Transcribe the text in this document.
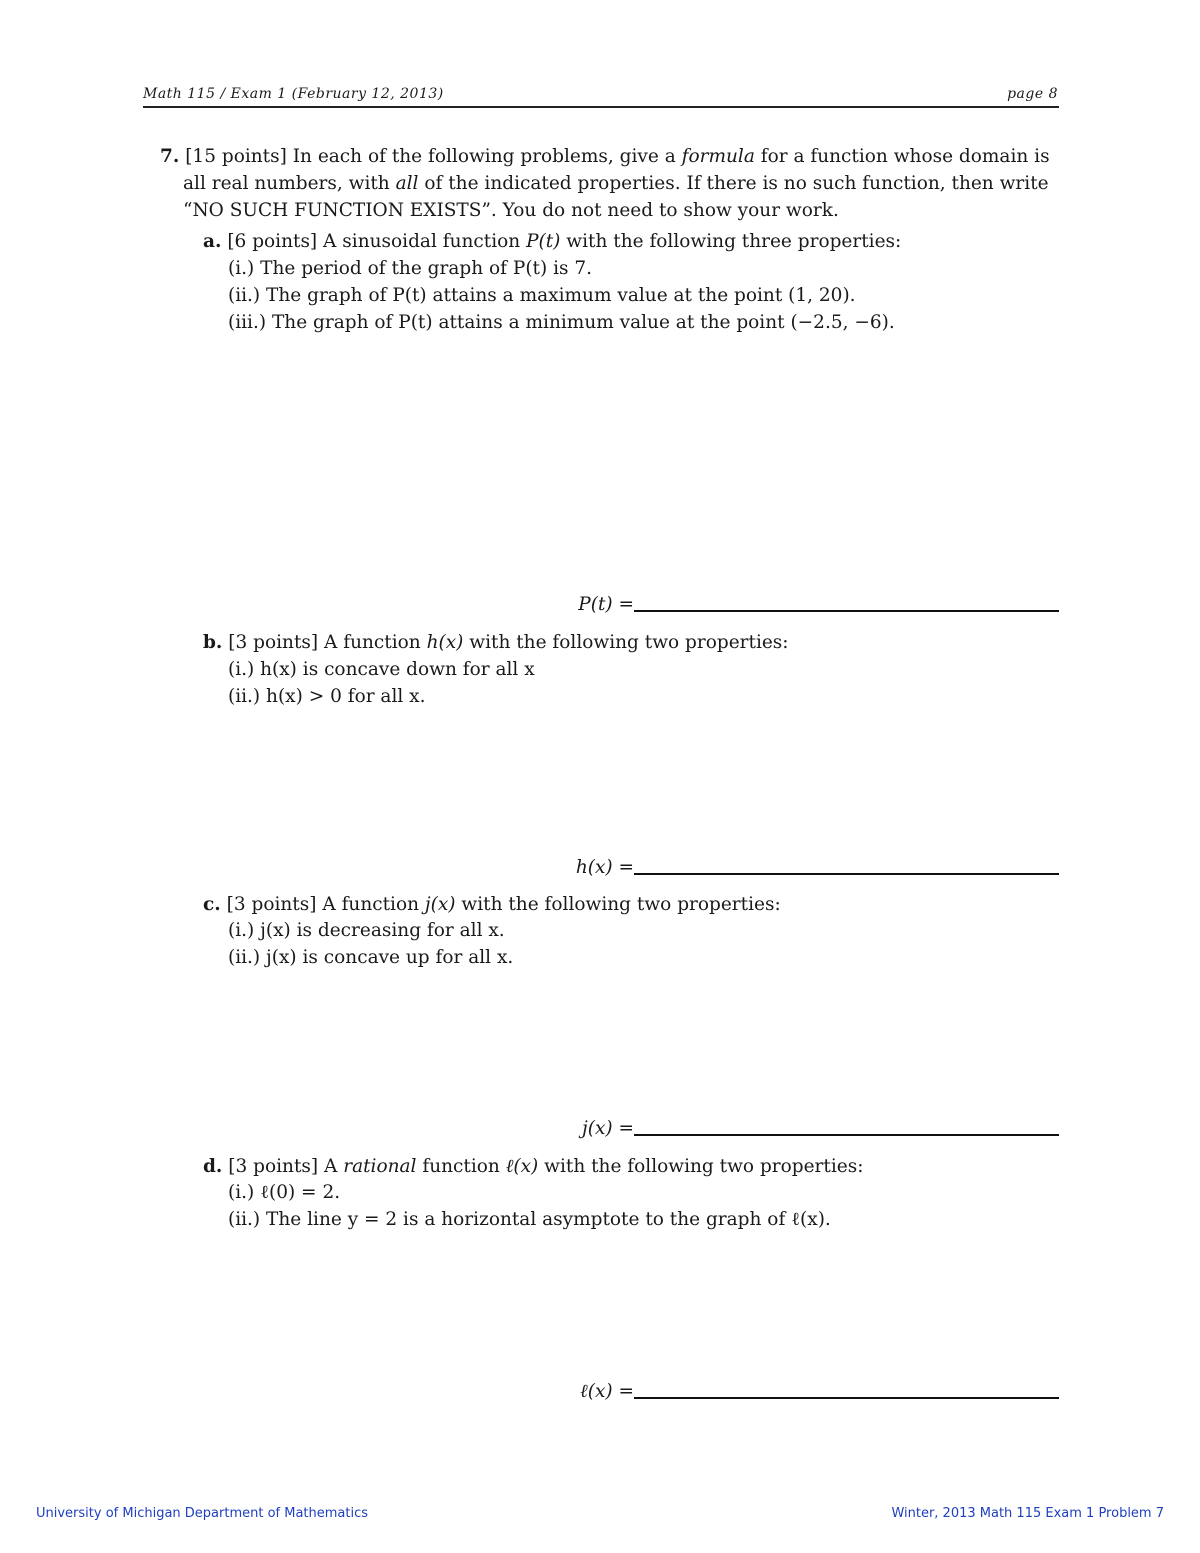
Math 115 / Exam 1 (February 12, 2013)	page 8
7. [15 points] In each of the following problems, give a formula for a function whose domain is
all real numbers, with all of the indicated properties. If there is no such function, then write
“NO SUCH FUNCTION EXISTS”. You do not need to show your work.
a. [6 points] A sinusoidal function P(t) with the following three properties:
(i.) The period of the graph of P(t) is 7.
(ii.) The graph of P(t) attains a maximum value at the point (1, 20).
(iii.) The graph of P(t) attains a minimum value at the point (−2.5, −6).
P(t) =
b. [3 points] A function h(x) with the following two properties:
(i.) h(x) is concave down for all x
(ii.) h(x) > 0 for all x.
h(x) =
c. [3 points] A function j(x) with the following two properties:
(i.) j(x) is decreasing for all x.
(ii.) j(x) is concave up for all x.
j(x) =
d. [3 points] A rational function ℓ(x) with the following two properties:
(i.) ℓ(0) = 2.
(ii.) The line y = 2 is a horizontal asymptote to the graph of ℓ(x).
ℓ(x) =
University of Michigan Department of Mathematics	Winter, 2013 Math 115 Exam 1 Problem 7
